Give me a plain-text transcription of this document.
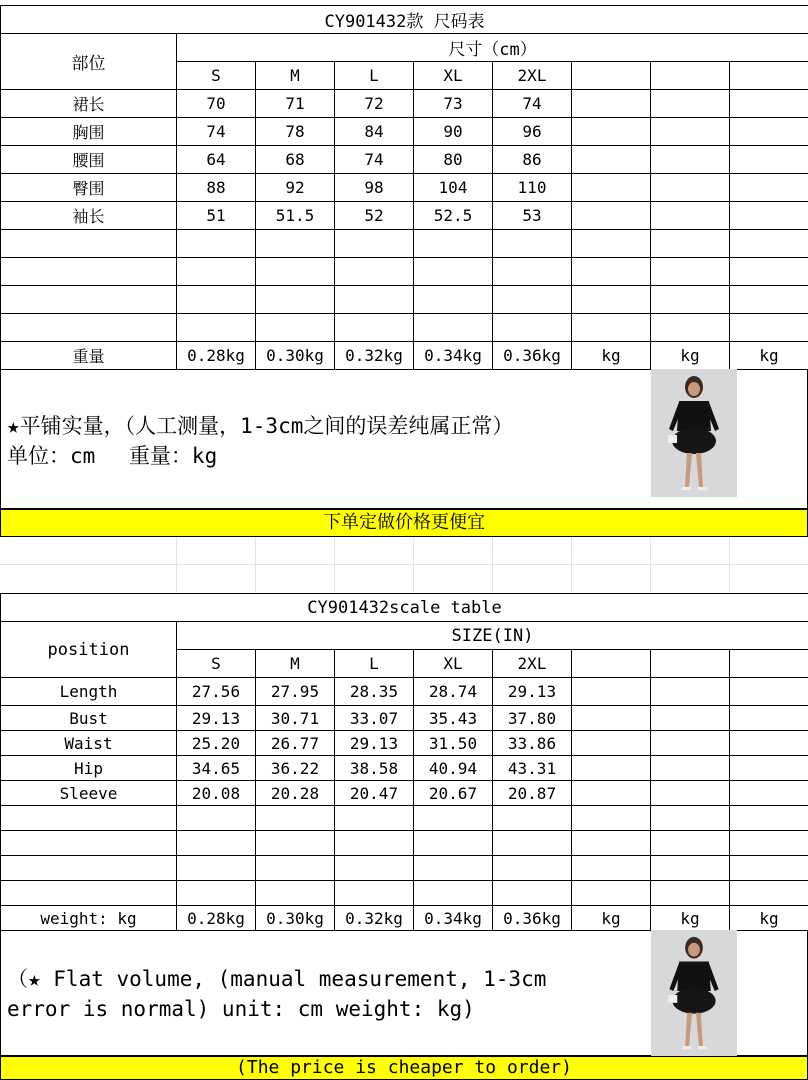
CY901432款 尺码表								
部位	尺寸（cm）							
	S	M	L	XL	2XL			
裙长	70	71	72	73	74			
胸围	74	78	84	90	96			
腰围	64	68	74	80	86			
臀围	88	92	98	104	110			
袖长	51	51.5	52	52.5	53			

重量	0.28kg	0.30kg	0.32kg	0.34kg	0.36kg	kg	kg	kg
★平铺实量，（人工测量，1-3cm之间的误差纯属正常）
单位：cm　 重量：kg
下单定做价格更便宜
CY901432scale table								
position	SIZE(IN)							
	S	M	L	XL	2XL			
Length	27.56	27.95	28.35	28.74	29.13			
Bust	29.13	30.71	33.07	35.43	37.80			
Waist	25.20	26.77	29.13	31.50	33.86			
Hip	34.65	36.22	38.58	40.94	43.31			
Sleeve	20.08	20.28	20.47	20.67	20.87			

weight: kg	0.28kg	0.30kg	0.32kg	0.34kg	0.36kg	kg	kg	kg
（★ Flat volume, (manual measurement, 1-3cm
error is normal) unit: cm weight: kg)
(The price is cheaper to order)
